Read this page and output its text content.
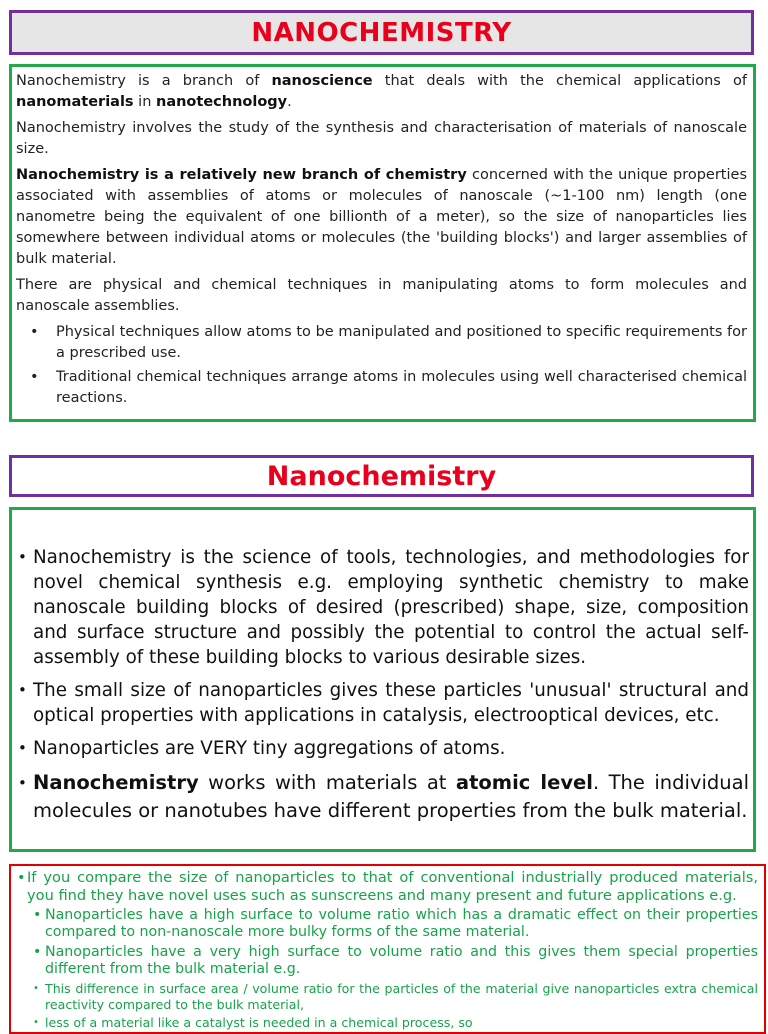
NANOCHEMISTRY

Nanochemistry is a branch of nanoscience that deals with the chemical applications of nanomaterials in nanotechnology.

Nanochemistry involves the study of the synthesis and characterisation of materials of nanoscale size.

Nanochemistry is a relatively new branch of chemistry concerned with the unique properties associated with assemblies of atoms or molecules of nanoscale (~1-100 nm) length (one nanometre being the equivalent of one billionth of a meter), so the size of nanoparticles lies somewhere between individual atoms or molecules (the 'building blocks') and larger assemblies of bulk material.

There are physical and chemical techniques in manipulating atoms to form molecules and nanoscale assemblies.

• Physical techniques allow atoms to be manipulated and positioned to specific requirements for a prescribed use.
• Traditional chemical techniques arrange atoms in molecules using well characterised chemical reactions.
Nanochemistry
• Nanochemistry is the science of tools, technologies, and methodologies for novel chemical synthesis e.g. employing synthetic chemistry to make nanoscale building blocks of desired (prescribed) shape, size, composition and surface structure and possibly the potential to control the actual self-assembly of these building blocks to various desirable sizes.
• The small size of nanoparticles gives these particles 'unusual' structural and optical properties with applications in catalysis, electrooptical devices, etc.
• Nanoparticles are VERY tiny aggregations of atoms.
• Nanochemistry works with materials at atomic level. The individual molecules or nanotubes have different properties from the bulk material.
• If you compare the size of nanoparticles to that of conventional industrially produced materials, you find they have novel uses such as sunscreens and many present and future applications e.g.
• Nanoparticles have a high surface to volume ratio which has a dramatic effect on their properties compared to non-nanoscale more bulky forms of the same material.
• Nanoparticles have a very high surface to volume ratio and this gives them special properties different from the bulk material e.g.
• This difference in surface area / volume ratio for the particles of the material give nanoparticles extra chemical reactivity compared to the bulk material,
• less of a material like a catalyst is needed in a chemical process, so
